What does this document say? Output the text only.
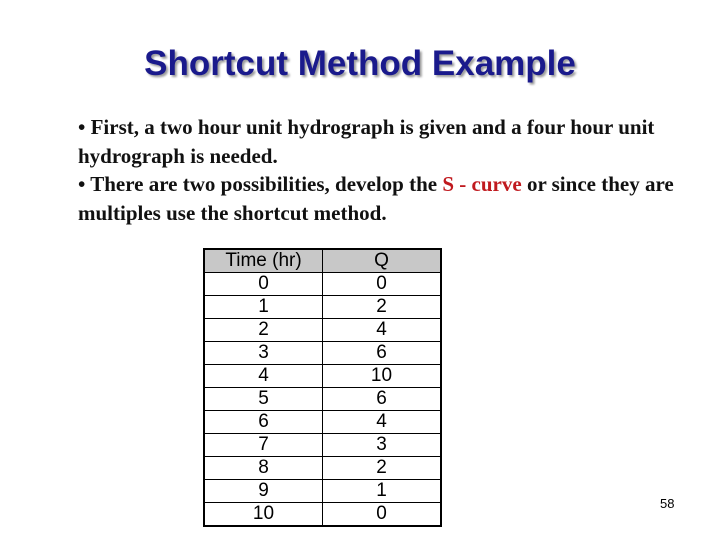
Shortcut Method Example

• First, a two hour unit hydrograph is given and a four hour unit hydrograph is needed.

• There are two possibilities, develop the S - curve or since they are multiples use the shortcut method.

Time (hr)	Q
0	0
1	2
2	4
3	6
4	10
5	6
6	4
7	3
8	2
9	1
10	0	58
